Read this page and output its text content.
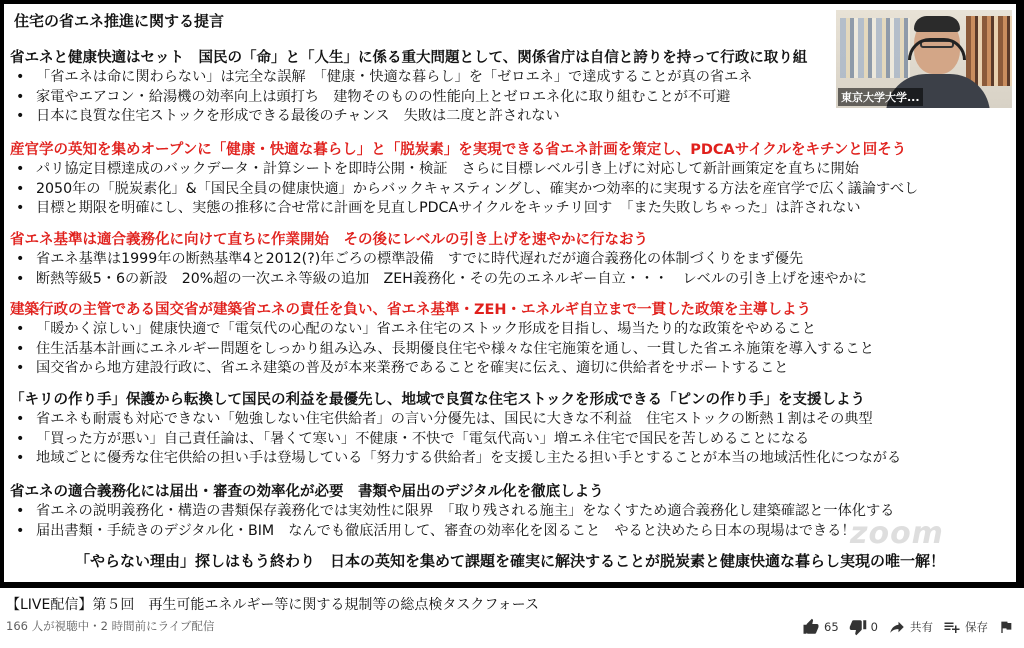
住宅の省エネ推進に関する提言
省エネと健康快適はセット　国民の「命」と「人生」に係る重大問題として、関係省庁は自信と誇りを持って行政に取り組
• 「省エネは命に関わらない」は完全な誤解　「健康・快適な暮らし」を「ゼロエネ」で達成することが真の省エネ
• 家電やエアコン・給湯機の効率向上は頭打ち　建物そのものの性能向上とゼロエネ化に取り組むことが不可避
• 日本に良質な住宅ストックを形成できる最後のチャンス　失敗は二度と許されない
産官学の英知を集めオープンに「健康・快適な暮らし」と「脱炭素」を実現できる省エネ計画を策定し、PDCAサイクルをキチンと回そう
• パリ協定目標達成のバックデータ・計算シートを即時公開・検証　さらに目標レベル引き上げに対応して新計画策定を直ちに開始
• 2050年の「脱炭素化」&「国民全員の健康快適」からバックキャスティングし、確実かつ効率的に実現する方法を産官学で広く議論すべし
• 目標と期限を明確にし、実態の推移に合せ常に計画を見直しPDCAサイクルをキッチリ回す　「また失敗しちゃった」は許されない
省エネ基準は適合義務化に向けて直ちに作業開始　その後にレベルの引き上げを速やかに行なおう
• 省エネ基準は1999年の断熱基準4と2012(?)年ごろの標準設備　すでに時代遅れだが適合義務化の体制づくりをまず優先
• 断熱等級5・6の新設　20%超の一次エネ等級の追加　ZEH義務化・その先のエネルギー自立・・・　レベルの引き上げを速やかに
建築行政の主管である国交省が建築省エネの責任を負い、省エネ基準・ZEH・エネルギ自立まで一貫した政策を主導しよう
• 「暖かく涼しい」健康快適で「電気代の心配のない」省エネ住宅のストック形成を目指し、場当たり的な政策をやめること
• 住生活基本計画にエネルギー問題をしっかり組み込み、長期優良住宅や様々な住宅施策を通し、一貫した省エネ施策を導入すること
• 国交省から地方建設行政に、省エネ建築の普及が本来業務であることを確実に伝え、適切に供給者をサポートすること
「キリの作り手」保護から転換して国民の利益を最優先し、地域で良質な住宅ストックを形成できる「ピンの作り手」を支援しよう
• 省エネも耐震も対応できない「勉強しない住宅供給者」の言い分優先は、国民に大きな不利益　住宅ストックの断熱１割はその典型
• 「買った方が悪い」自己責任論は、「暑くて寒い」不健康・不快で「電気代高い」増エネ住宅で国民を苦しめることになる
• 地域ごとに優秀な住宅供給の担い手は登場している「努力する供給者」を支援し主たる担い手とすることが本当の地域活性化につながる
省エネの適合義務化には届出・審査の効率化が必要　書類や届出のデジタル化を徹底しよう
• 省エネの説明義務化・構造の書類保存義務化では実効性に限界　「取り残される施主」をなくすため適合義務化し建築確認と一体化する
• 届出書類・手続きのデジタル化・BIM　なんでも徹底活用して、審査の効率化を図ること　やると決めたら日本の現場はできる！
「やらない理由」探しはもう終わり　日本の英知を集めて課題を確実に解決することが脱炭素と健康快適な暮らし実現の唯一解！
zoom
東京大学大学...
【LIVE配信】第５回　再生可能エネルギー等に関する規制等の総点検タスクフォース
166 人が視聴中・2 時間前にライブ配信	65	0	共有	保存
